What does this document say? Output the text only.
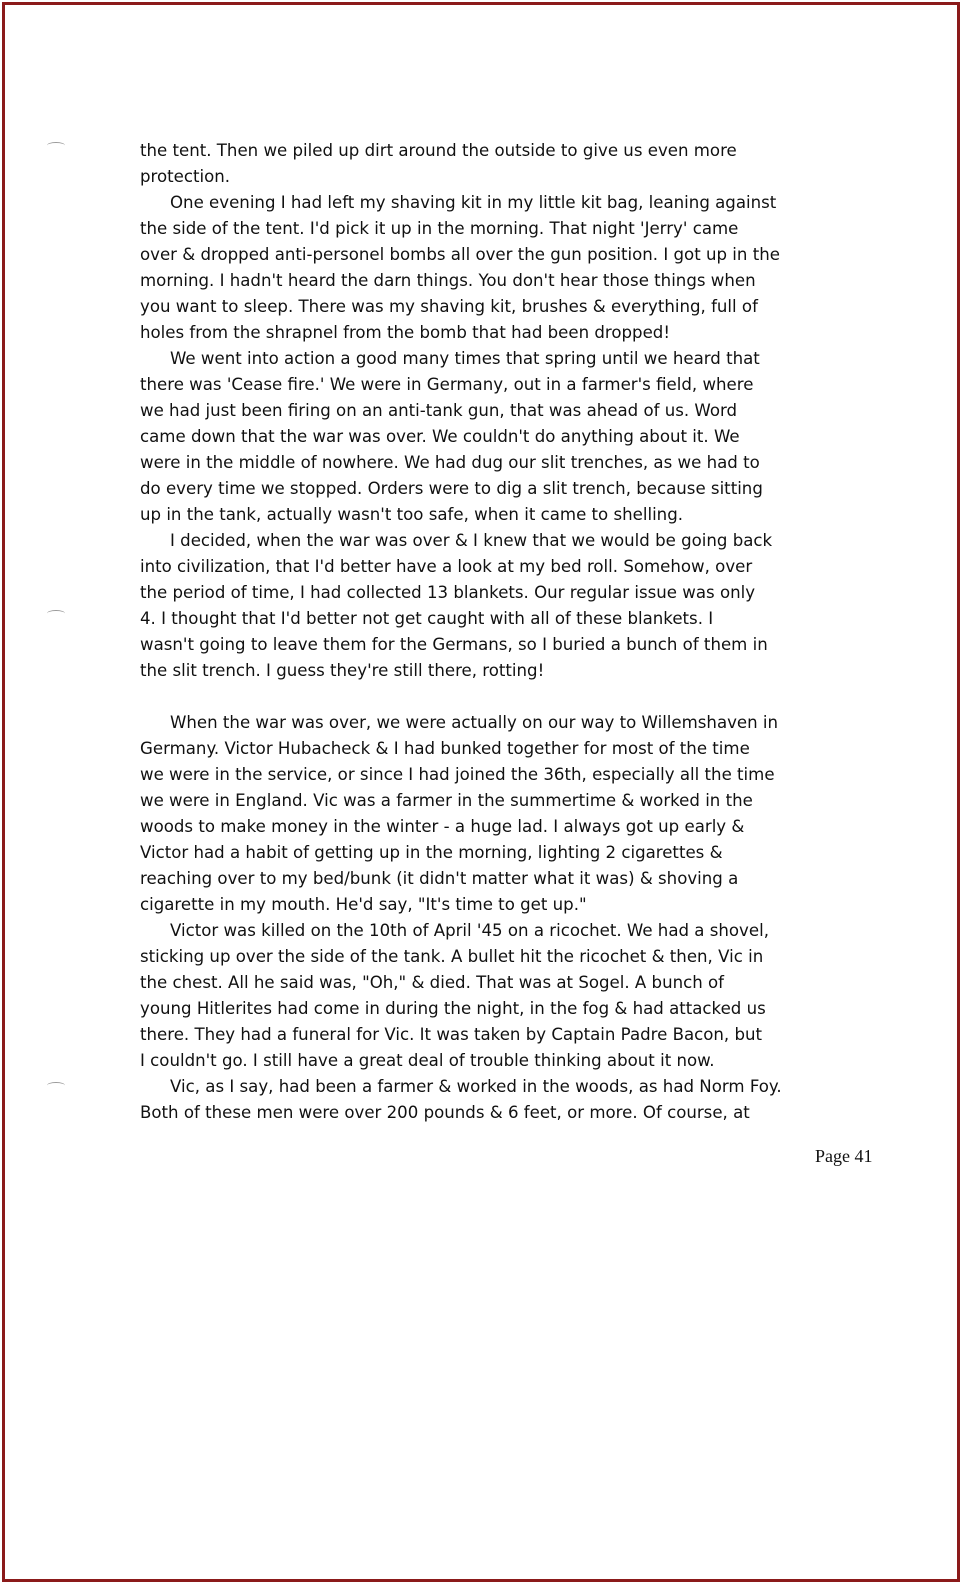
the tent. Then we piled up dirt around the outside to give us even more
protection.
One evening I had left my shaving kit in my little kit bag, leaning against
the side of the tent. I'd pick it up in the morning. That night 'Jerry' came
over & dropped anti-personel bombs all over the gun position. I got up in the
morning. I hadn't heard the darn things. You don't hear those things when
you want to sleep. There was my shaving kit, brushes & everything, full of
holes from the shrapnel from the bomb that had been dropped!
We went into action a good many times that spring until we heard that
there was 'Cease fire.' We were in Germany, out in a farmer's field, where
we had just been firing on an anti-tank gun, that was ahead of us. Word
came down that the war was over. We couldn't do anything about it. We
were in the middle of nowhere. We had dug our slit trenches, as we had to
do every time we stopped. Orders were to dig a slit trench, because sitting
up in the tank, actually wasn't too safe, when it came to shelling.
I decided, when the war was over & I knew that we would be going back
into civilization, that I'd better have a look at my bed roll. Somehow, over
the period of time, I had collected 13 blankets. Our regular issue was only
4. I thought that I'd better not get caught with all of these blankets. I
wasn't going to leave them for the Germans, so I buried a bunch of them in
the slit trench. I guess they're still there, rotting!
When the war was over, we were actually on our way to Willemshaven in
Germany. Victor Hubacheck & I had bunked together for most of the time
we were in the service, or since I had joined the 36th, especially all the time
we were in England. Vic was a farmer in the summertime & worked in the
woods to make money in the winter - a huge lad. I always got up early &
Victor had a habit of getting up in the morning, lighting 2 cigarettes &
reaching over to my bed/bunk (it didn't matter what it was) & shoving a
cigarette in my mouth. He'd say, "It's time to get up."
Victor was killed on the 10th of April '45 on a ricochet. We had a shovel,
sticking up over the side of the tank. A bullet hit the ricochet & then, Vic in
the chest. All he said was, "Oh," & died. That was at Sogel. A bunch of
young Hitlerites had come in during the night, in the fog & had attacked us
there. They had a funeral for Vic. It was taken by Captain Padre Bacon, but
I couldn't go. I still have a great deal of trouble thinking about it now.
Vic, as I say, had been a farmer & worked in the woods, as had Norm Foy.
Both of these men were over 200 pounds & 6 feet, or more. Of course, at
Page 41
